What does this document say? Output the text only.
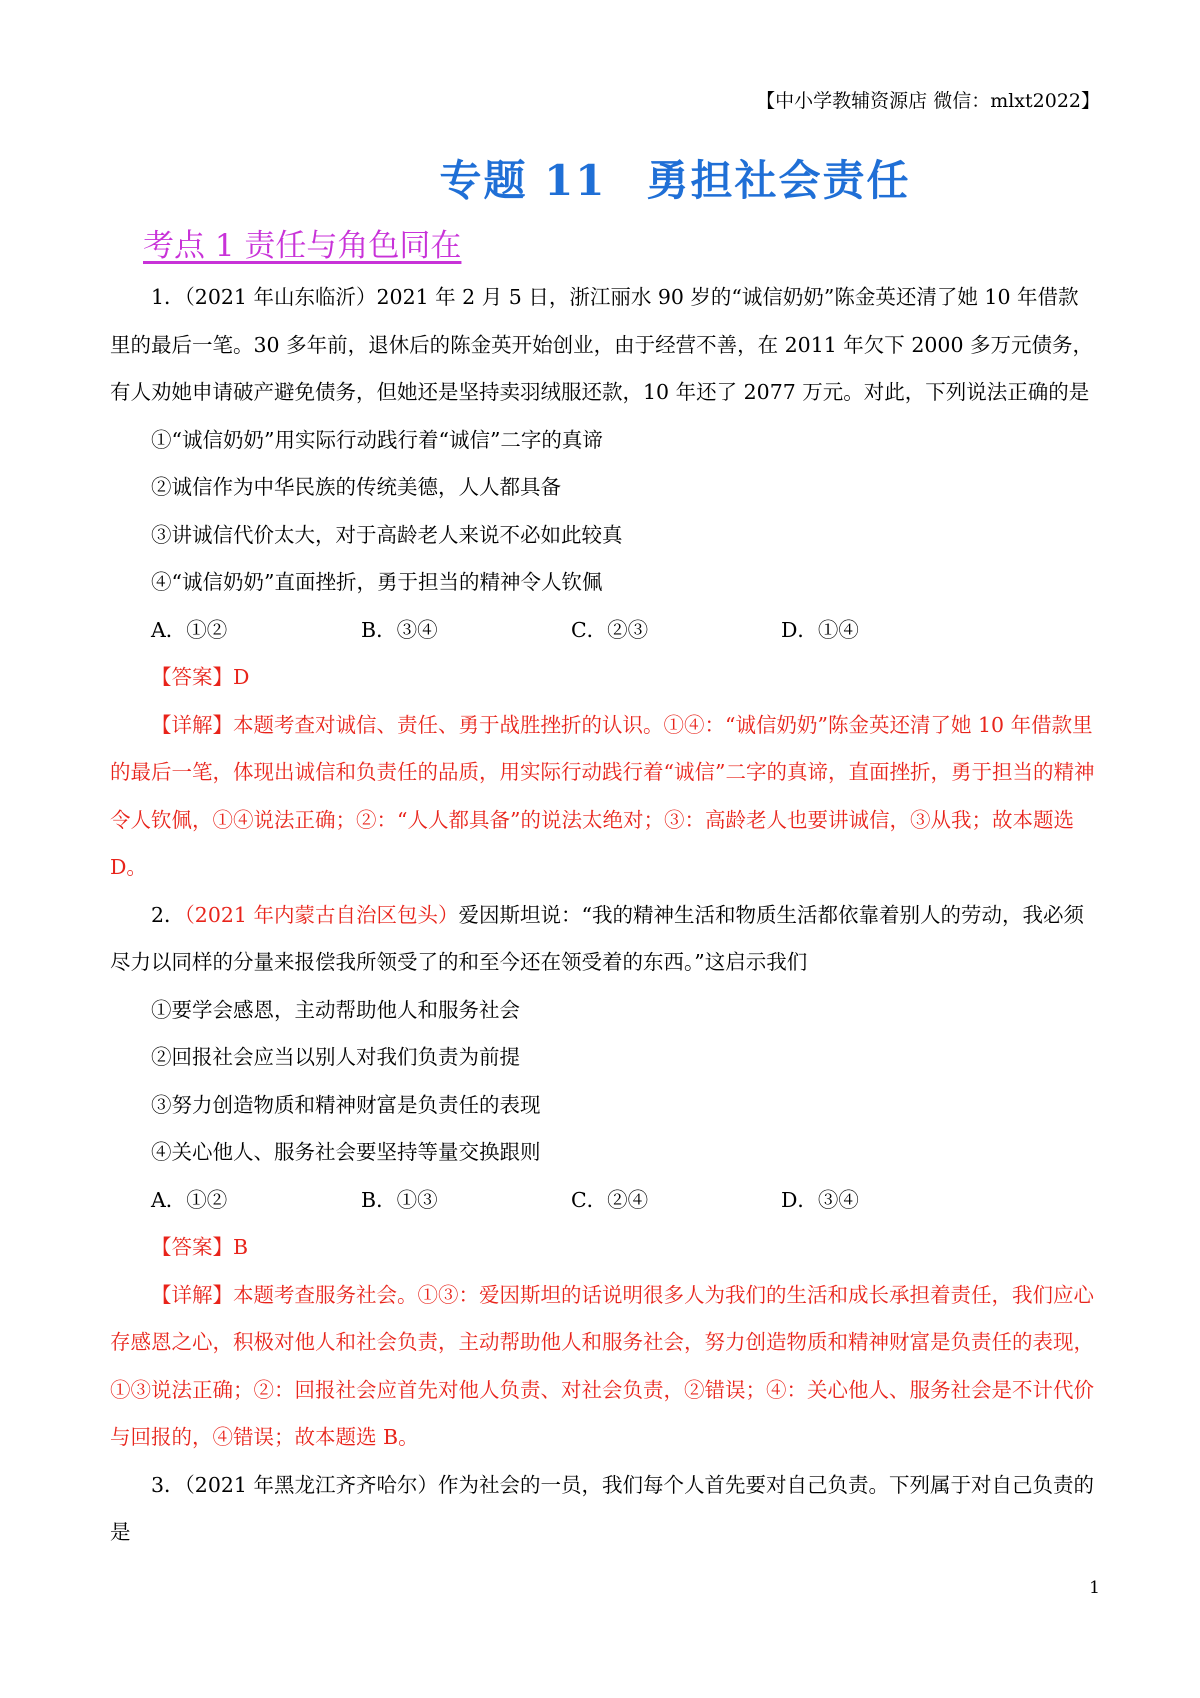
【中小学教辅资源店 微信：mlxt2022】
专题 11 勇担社会责任
考点 1 责任与角色同在

1．（2021 年山东临沂）2021 年 2 月 5 日，浙江丽水 90 岁的“诚信奶奶”陈金英还清了她 10 年借款里的最后一笔。30 多年前，退休后的陈金英开始创业，由于经营不善，在 2011 年欠下 2000 多万元债务，有人劝她申请破产避免债务，但她还是坚持卖羽绒服还款，10 年还了 2077 万元。对此，下列说法正确的是

①“诚信奶奶”用实际行动践行着“诚信”二字的真谛

②诚信作为中华民族的传统美德，人人都具备

③讲诚信代价太大，对于高龄老人来说不必如此较真

④“诚信奶奶”直面挫折，勇于担当的精神令人钦佩

A．①②	B．③④	C．②③	D．①④

【答案】D

【详解】本题考查对诚信、责任、勇于战胜挫折的认识。①④：“诚信奶奶”陈金英还清了她 10 年借款里的最后一笔，体现出诚信和负责任的品质，用实际行动践行着“诚信”二字的真谛，直面挫折，勇于担当的精神令人钦佩，①④说法正确；②：“人人都具备”的说法太绝对；③：高龄老人也要讲诚信，③从我；故本题选 D。

2．（2021 年内蒙古自治区包头）爱因斯坦说：“我的精神生活和物质生活都依靠着别人的劳动，我必须尽力以同样的分量来报偿我所领受了的和至今还在领受着的东西。”这启示我们

①要学会感恩，主动帮助他人和服务社会

②回报社会应当以别人对我们负责为前提

③努力创造物质和精神财富是负责任的表现

④关心他人、服务社会要坚持等量交换跟则

A．①②	B．①③	C．②④	D．③④

【答案】B

【详解】本题考查服务社会。①③：爱因斯坦的话说明很多人为我们的生活和成长承担着责任，我们应心存感恩之心，积极对他人和社会负责，主动帮助他人和服务社会，努力创造物质和精神财富是负责任的表现，①③说法正确；②：回报社会应首先对他人负责、对社会负责，②错误；④：关心他人、服务社会是不计代价与回报的，④错误；故本题选 B。

3．（2021 年黑龙江齐齐哈尔）作为社会的一员，我们每个人首先要对自己负责。下列属于对自己负责的是

1
